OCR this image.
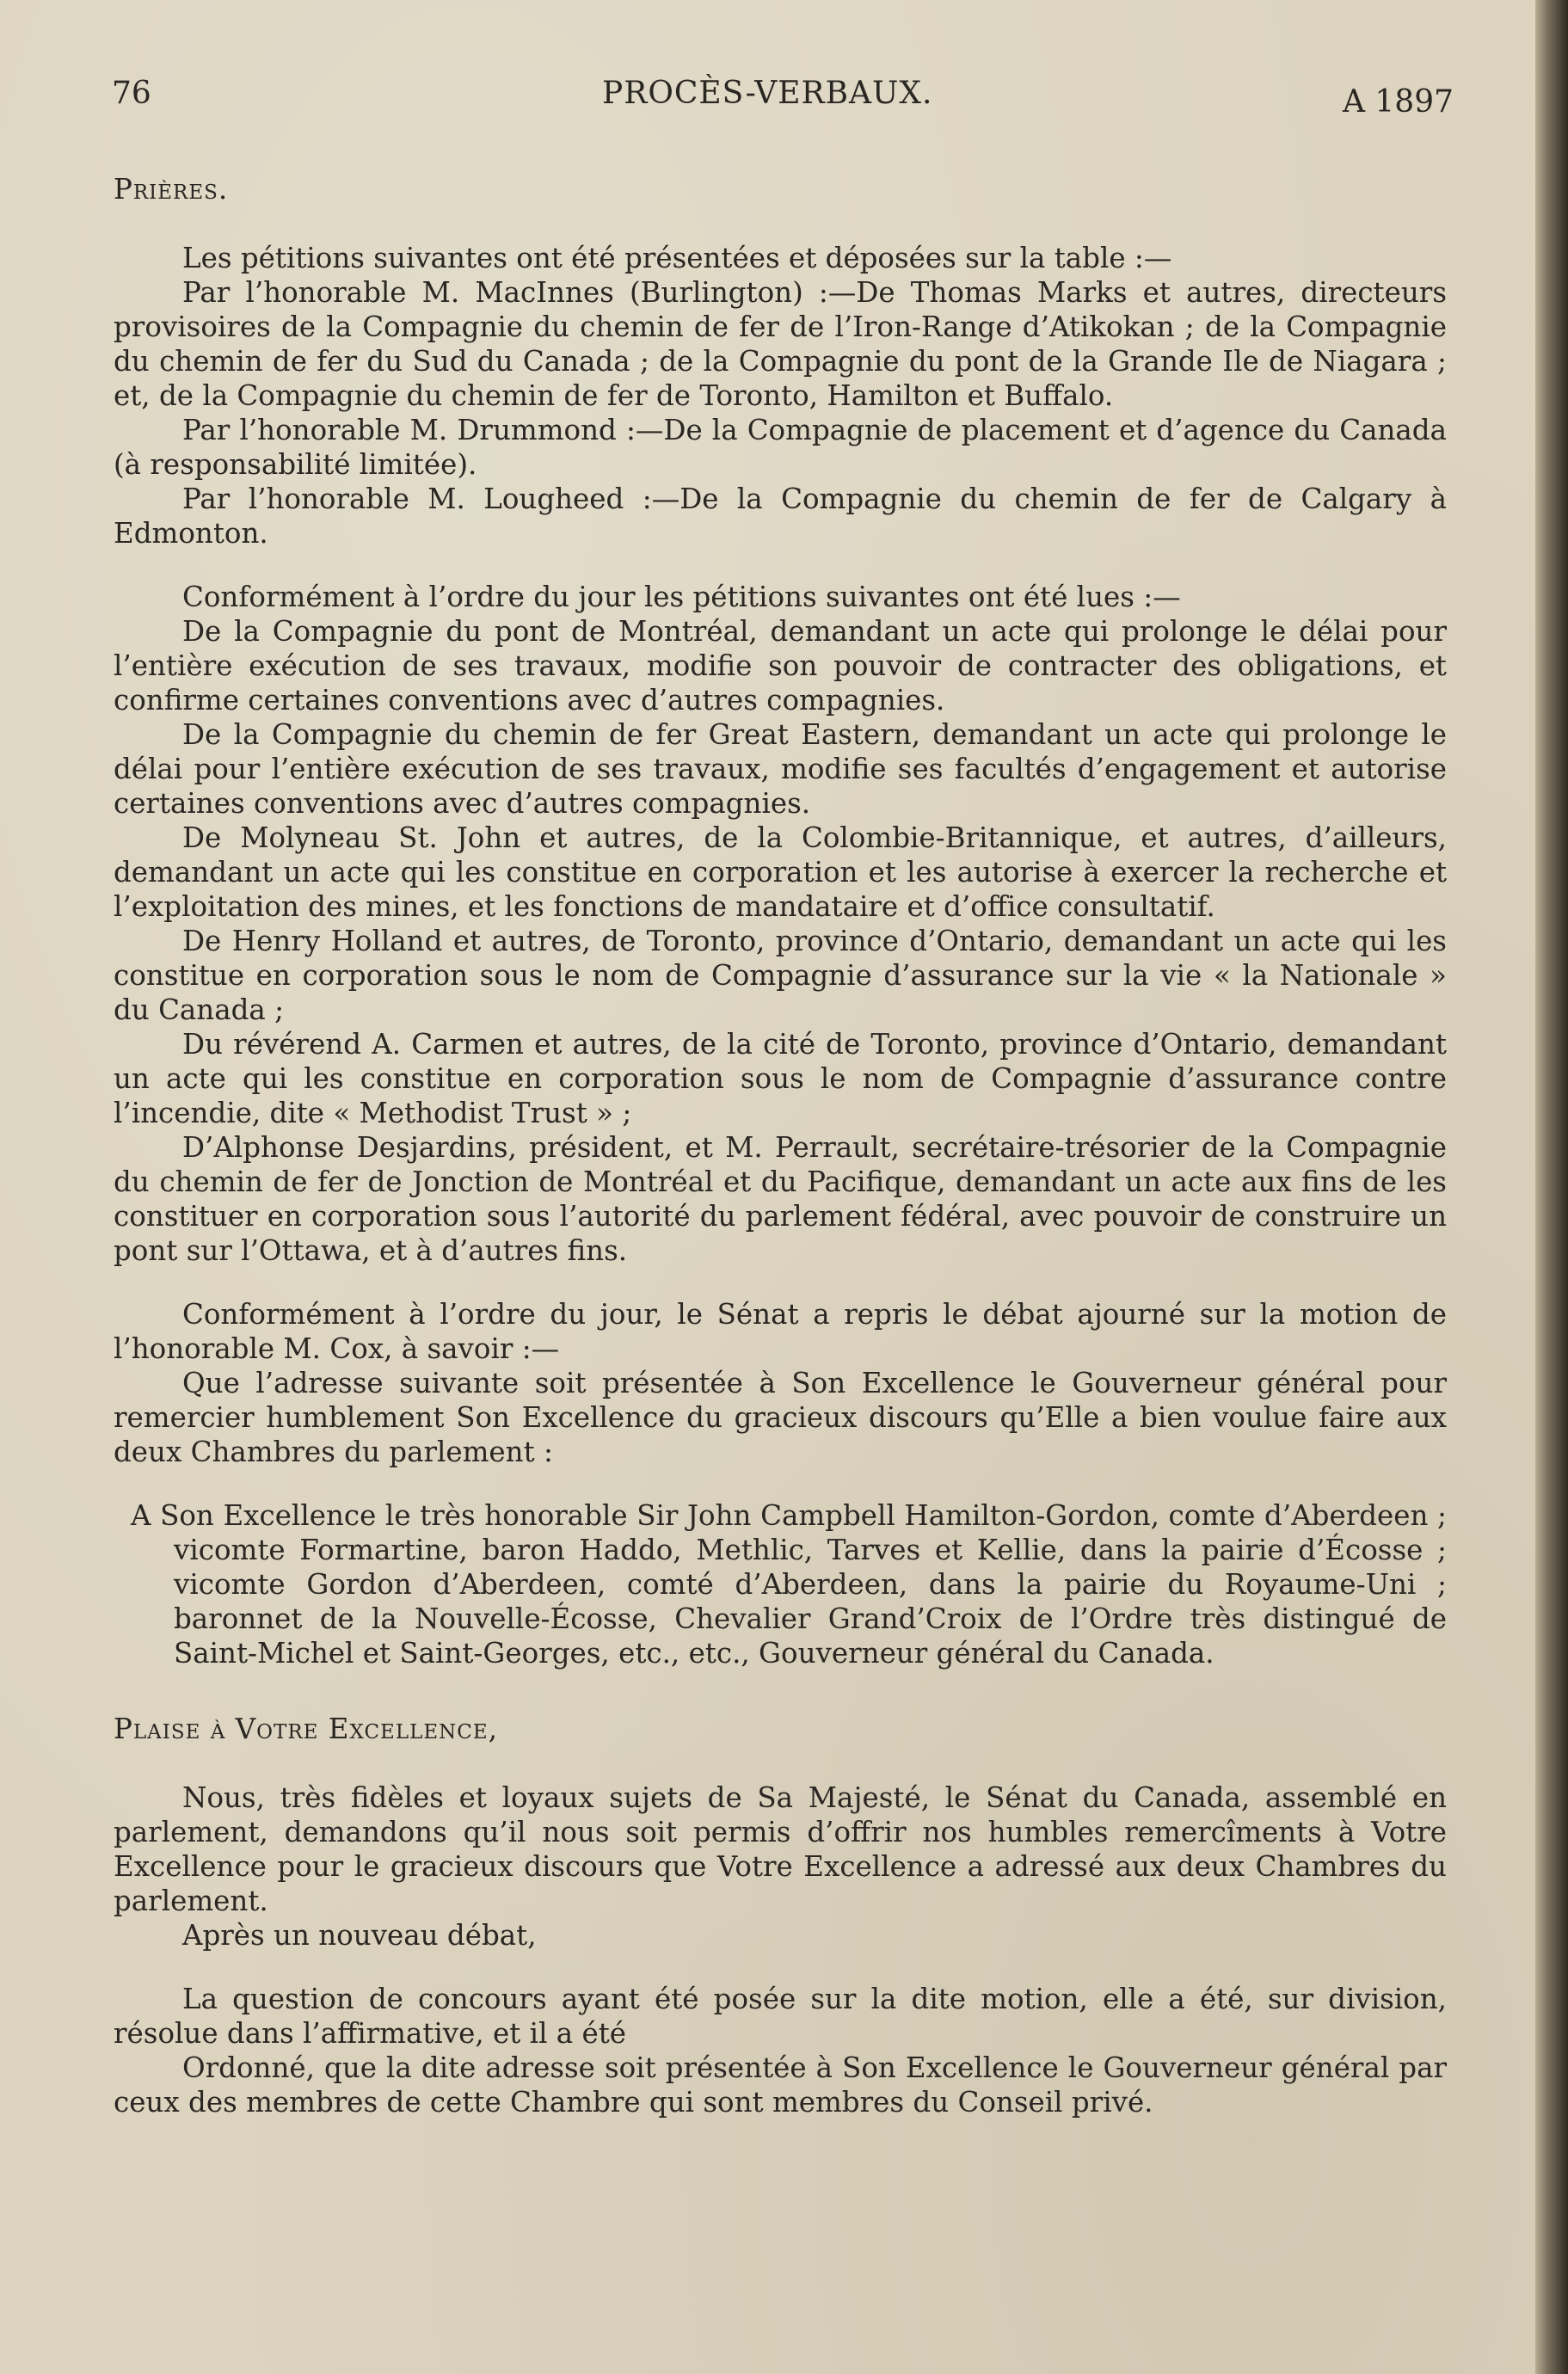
76	PROCÈS-VERBAUX.	A 1897

Prières.

Les pétitions suivantes ont été présentées et déposées sur la table :—

Par l’honorable M. MacInnes (Burlington) :—De Thomas Marks et autres, directeurs provisoires de la Compagnie du chemin de fer de l’Iron-Range d’Atikokan ; de la Compagnie du chemin de fer du Sud du Canada ; de la Compagnie du pont de la Grande Ile de Niagara ; et, de la Compagnie du chemin de fer de Toronto, Hamilton et Buffalo.

Par l’honorable M. Drummond :—De la Compagnie de placement et d’agence du Canada (à responsabilité limitée).

Par l’honorable M. Lougheed :—De la Compagnie du chemin de fer de Calgary à Edmonton.

Conformément à l’ordre du jour les pétitions suivantes ont été lues :—

De la Compagnie du pont de Montréal, demandant un acte qui prolonge le délai pour l’entière exécution de ses travaux, modifie son pouvoir de contracter des obligations, et confirme certaines conventions avec d’autres compagnies.

De la Compagnie du chemin de fer Great Eastern, demandant un acte qui prolonge le délai pour l’entière exécution de ses travaux, modifie ses facultés d’engagement et autorise certaines conventions avec d’autres compagnies.

De Molyneau St. John et autres, de la Colombie-Britannique, et autres, d’ailleurs, demandant un acte qui les constitue en corporation et les autorise à exercer la recherche et l’exploitation des mines, et les fonctions de mandataire et d’office consultatif.

De Henry Holland et autres, de Toronto, province d’Ontario, demandant un acte qui les constitue en corporation sous le nom de Compagnie d’assurance sur la vie « la Nationale » du Canada ;

Du révérend A. Carmen et autres, de la cité de Toronto, province d’Ontario, demandant un acte qui les constitue en corporation sous le nom de Compagnie d’assurance contre l’incendie, dite « Methodist Trust » ;

D’Alphonse Desjardins, président, et M. Perrault, secrétaire-trésorier de la Compagnie du chemin de fer de Jonction de Montréal et du Pacifique, demandant un acte aux fins de les constituer en corporation sous l’autorité du parlement fédéral, avec pouvoir de construire un pont sur l’Ottawa, et à d’autres fins.

Conformément à l’ordre du jour, le Sénat a repris le débat ajourné sur la motion de l’honorable M. Cox, à savoir :—

Que l’adresse suivante soit présentée à Son Excellence le Gouverneur général pour remercier humblement Son Excellence du gracieux discours qu’Elle a bien voulue faire aux deux Chambres du parlement :

A Son Excellence le très honorable Sir John Campbell Hamilton-Gordon, comte d’Aberdeen ; vicomte Formartine, baron Haddo, Methlic, Tarves et Kellie, dans la pairie d’Écosse ; vicomte Gordon d’Aberdeen, comté d’Aberdeen, dans la pairie du Royaume-Uni ; baronnet de la Nouvelle-Écosse, Chevalier Grand’Croix de l’Ordre très distingué de Saint-Michel et Saint-Georges, etc., etc., Gouverneur général du Canada.

Plaise à Votre Excellence,

Nous, très fidèles et loyaux sujets de Sa Majesté, le Sénat du Canada, assemblé en parlement, demandons qu’il nous soit permis d’offrir nos humbles remercîments à Votre Excellence pour le gracieux discours que Votre Excellence a adressé aux deux Chambres du parlement.

Après un nouveau débat,

La question de concours ayant été posée sur la dite motion, elle a été, sur division, résolue dans l’affirmative, et il a été

Ordonné, que la dite adresse soit présentée à Son Excellence le Gouverneur général par ceux des membres de cette Chambre qui sont membres du Conseil privé.
